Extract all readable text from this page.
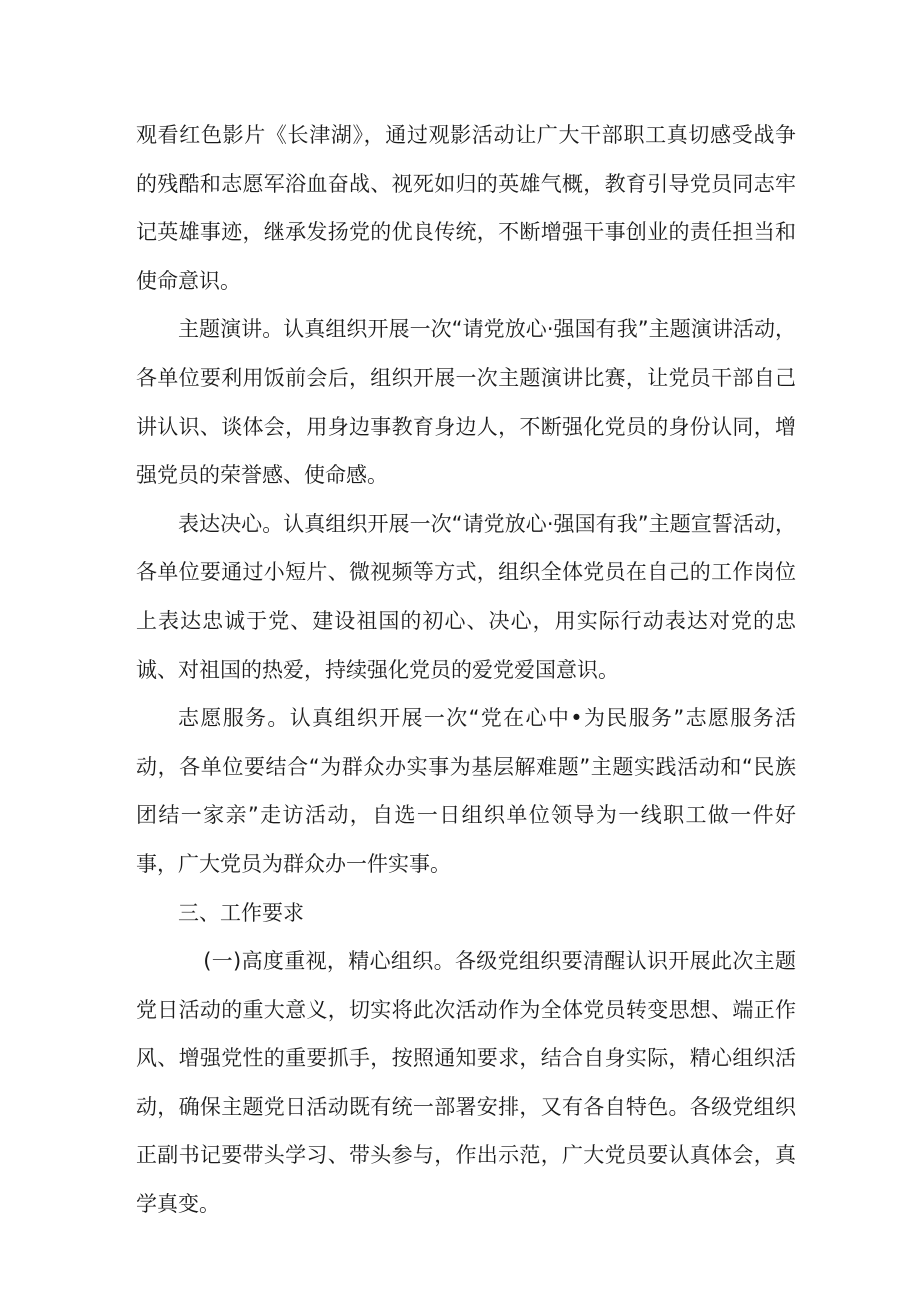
观看红色影片《长津湖》，通过观影活动让广大干部职工真切感受战争的残酷和志愿军浴血奋战、视死如归的英雄气概，教育引导党员同志牢记英雄事迹，继承发扬党的优良传统，不断增强干事创业的责任担当和使命意识。

主题演讲。认真组织开展一次“请党放心·强国有我”主题演讲活动，各单位要利用饭前会后，组织开展一次主题演讲比赛，让党员干部自己讲认识、谈体会，用身边事教育身边人，不断强化党员的身份认同，增强党员的荣誉感、使命感。

表达决心。认真组织开展一次“请党放心·强国有我”主题宣誓活动，各单位要通过小短片、微视频等方式，组织全体党员在自己的工作岗位上表达忠诚于党、建设祖国的初心、决心，用实际行动表达对党的忠诚、对祖国的热爱，持续强化党员的爱党爱国意识。

志愿服务。认真组织开展一次“党在心中•为民服务”志愿服务活动，各单位要结合“为群众办实事为基层解难题”主题实践活动和“民族团结一家亲”走访活动，自选一日组织单位领导为一线职工做一件好事，广大党员为群众办一件实事。

三、工作要求

(一)高度重视，精心组织。各级党组织要清醒认识开展此次主题党日活动的重大意义，切实将此次活动作为全体党员转变思想、端正作风、增强党性的重要抓手，按照通知要求，结合自身实际，精心组织活动，确保主题党日活动既有统一部署安排，又有各自特色。各级党组织正副书记要带头学习、带头参与，作出示范，广大党员要认真体会，真学真变。
